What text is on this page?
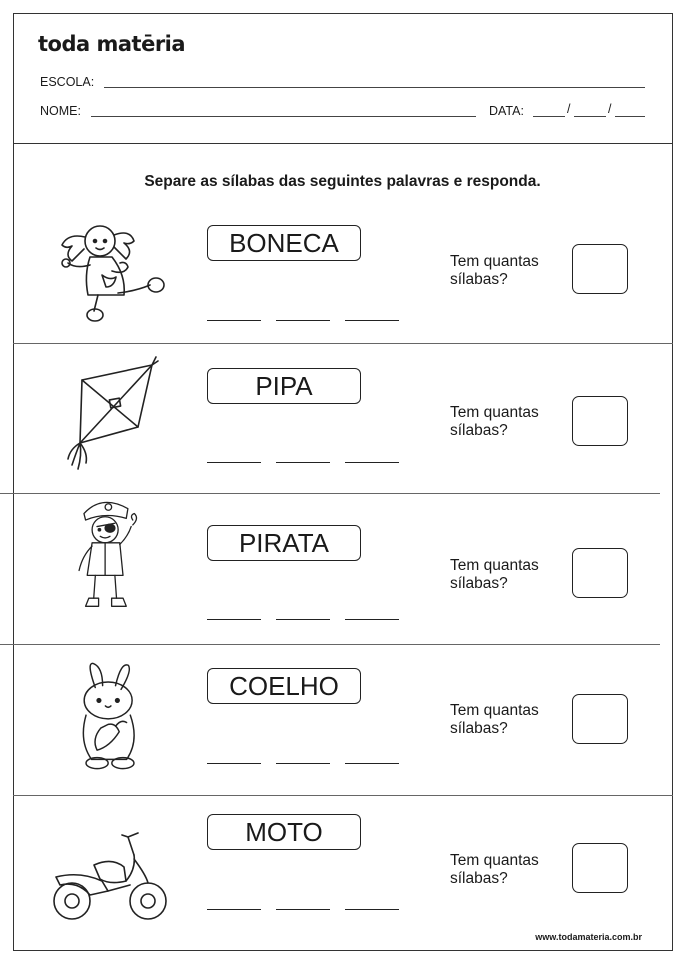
toda matēria
ESCOLA:
NOME:	DATA:	/	/
Separe as sílabas das seguintes palavras e responda.
BONECA
Tem quantas
sílabas?
PIPA
Tem quantas
sílabas?
PIRATA
Tem quantas
sílabas?
COELHO
Tem quantas
sílabas?
MOTO
Tem quantas
sílabas?
www.todamateria.com.br
